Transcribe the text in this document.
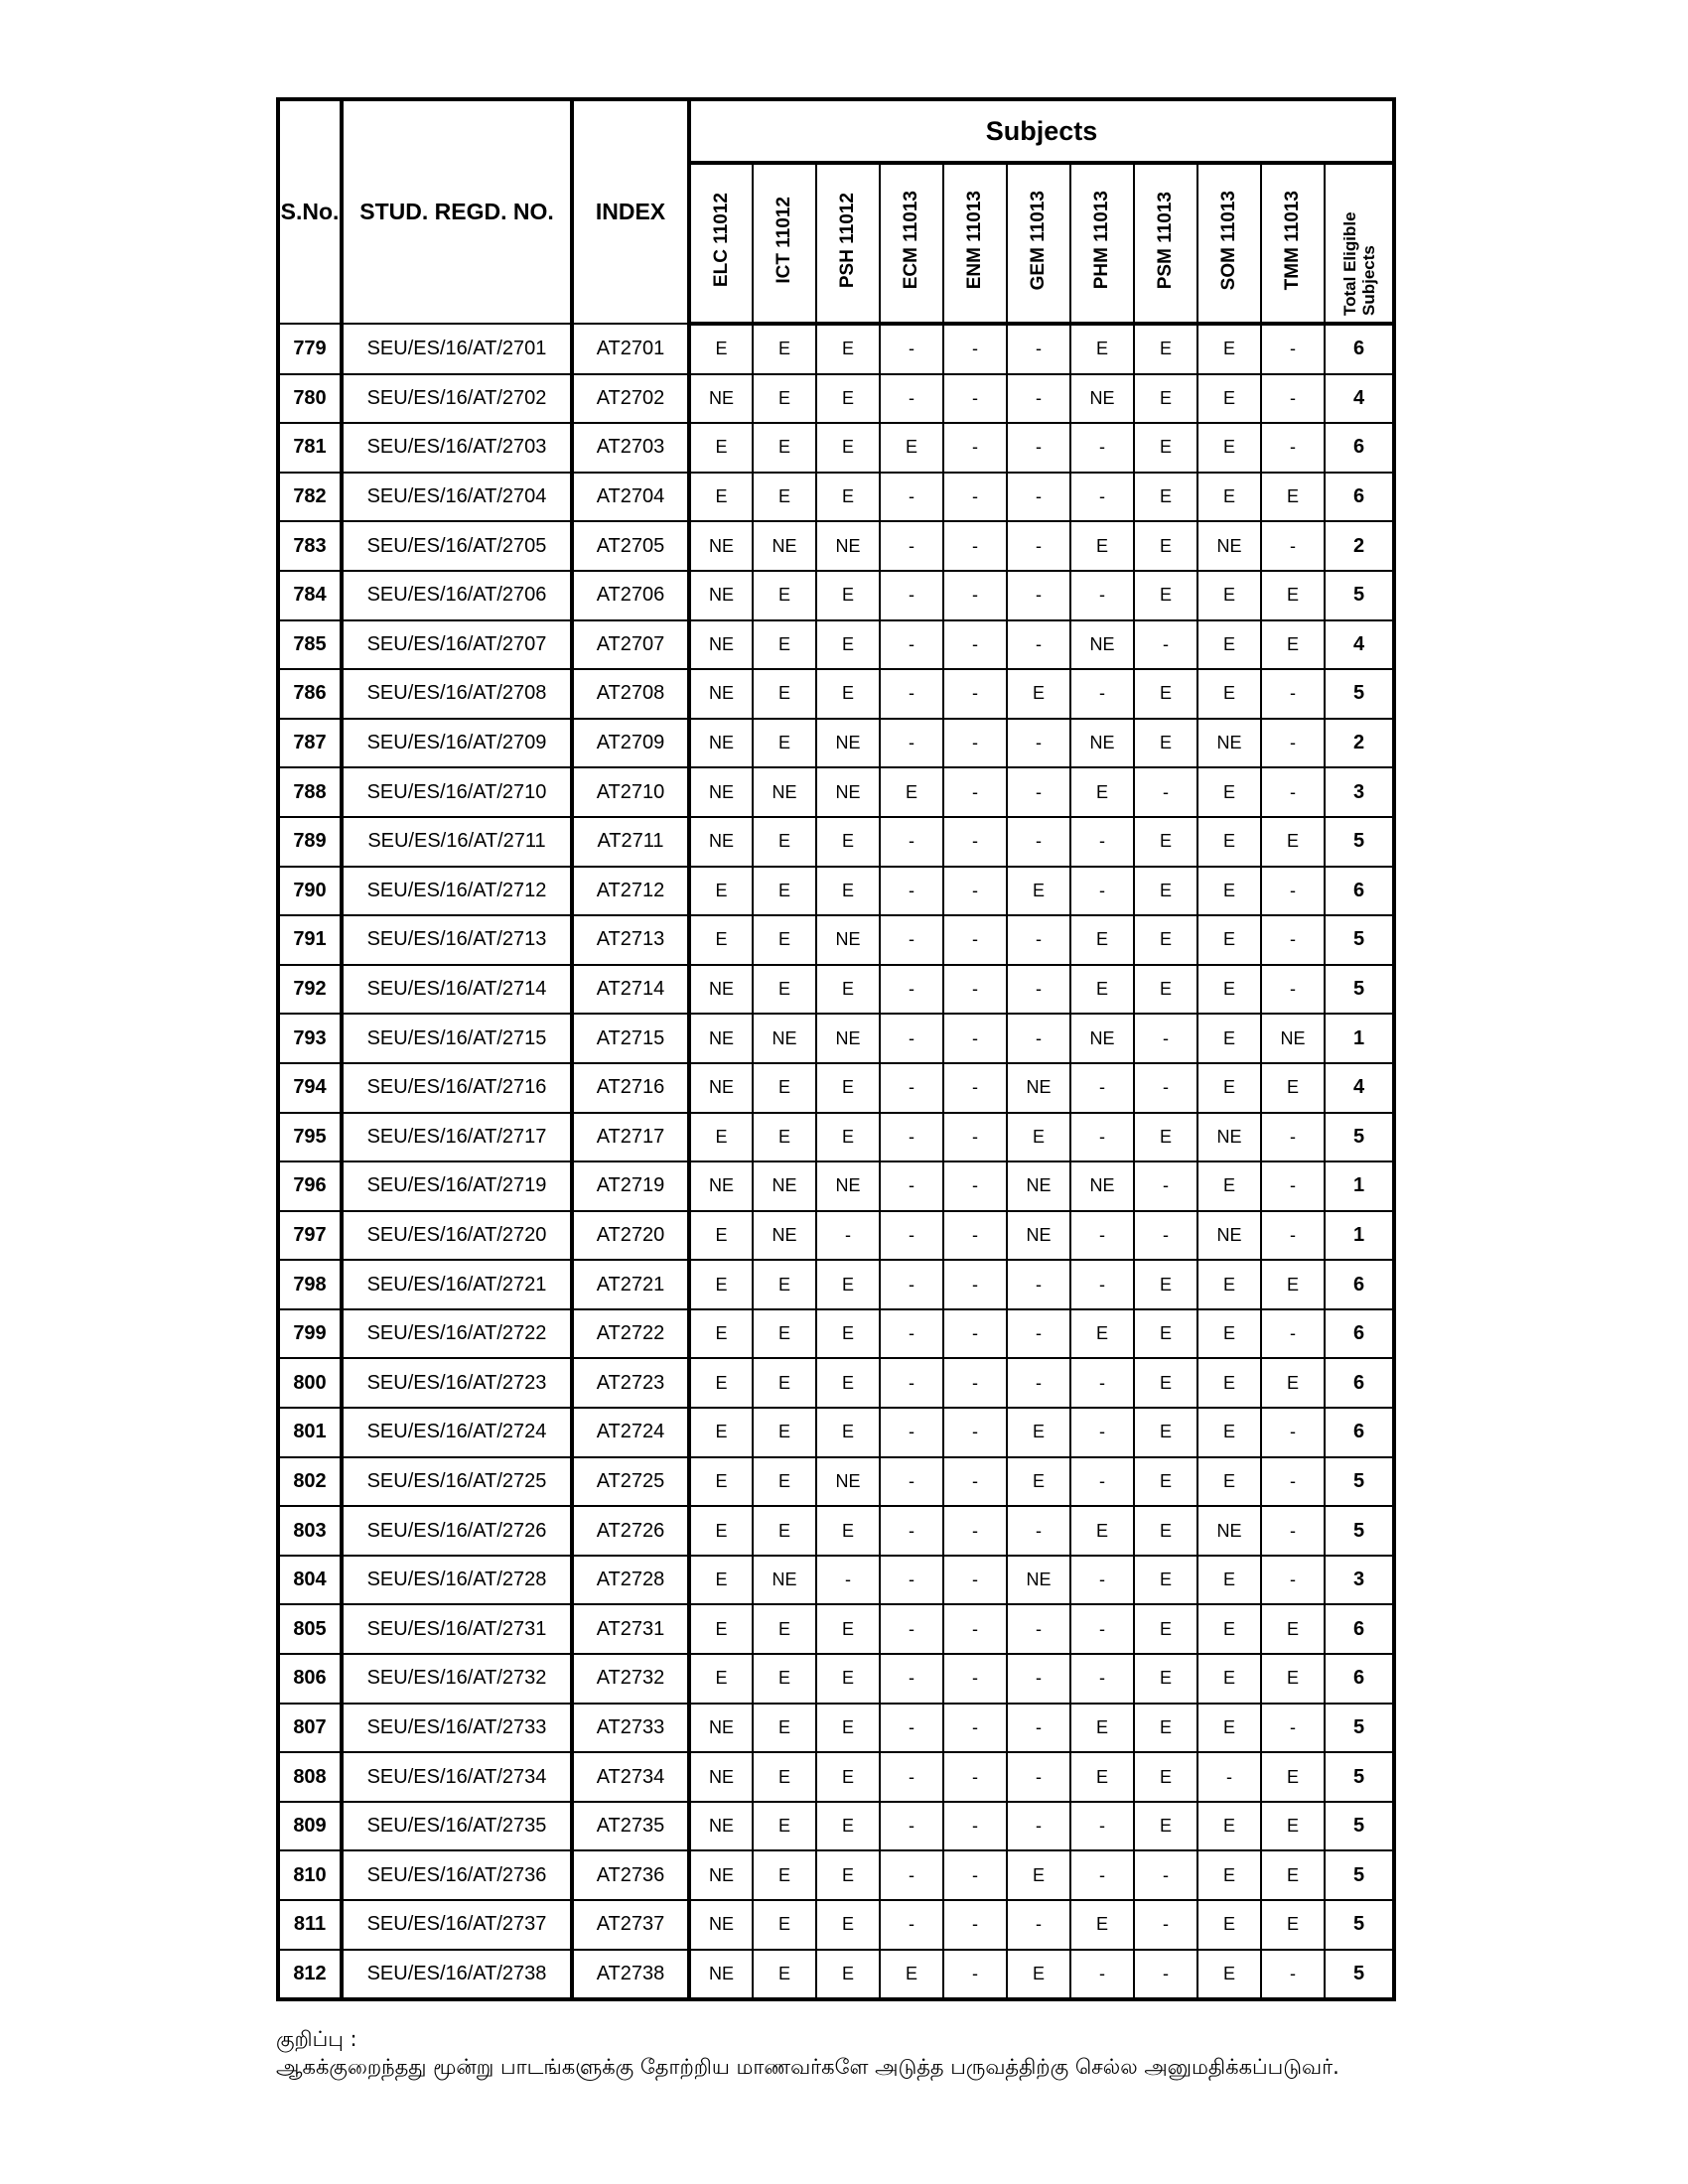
S.No.	STUD. REGD. NO.	INDEX	Subjects										
			ELC 11012	ICT 11012	PSH 11012	ECM 11013	ENM 11013	GEM 11013	PHM 11013	PSM 11013	SOM 11013	TMM 11013	Total Eligible Subjects
779	SEU/ES/16/AT/2701	AT2701	E	E	E	-	-	-	E	E	E	-	6
780	SEU/ES/16/AT/2702	AT2702	NE	E	E	-	-	-	NE	E	E	-	4
781	SEU/ES/16/AT/2703	AT2703	E	E	E	E	-	-	-	E	E	-	6
782	SEU/ES/16/AT/2704	AT2704	E	E	E	-	-	-	-	E	E	E	6
783	SEU/ES/16/AT/2705	AT2705	NE	NE	NE	-	-	-	E	E	NE	-	2
784	SEU/ES/16/AT/2706	AT2706	NE	E	E	-	-	-	-	E	E	E	5
785	SEU/ES/16/AT/2707	AT2707	NE	E	E	-	-	-	NE	-	E	E	4
786	SEU/ES/16/AT/2708	AT2708	NE	E	E	-	-	E	-	E	E	-	5
787	SEU/ES/16/AT/2709	AT2709	NE	E	NE	-	-	-	NE	E	NE	-	2
788	SEU/ES/16/AT/2710	AT2710	NE	NE	NE	E	-	-	E	-	E	-	3
789	SEU/ES/16/AT/2711	AT2711	NE	E	E	-	-	-	-	E	E	E	5
790	SEU/ES/16/AT/2712	AT2712	E	E	E	-	-	E	-	E	E	-	6
791	SEU/ES/16/AT/2713	AT2713	E	E	NE	-	-	-	E	E	E	-	5
792	SEU/ES/16/AT/2714	AT2714	NE	E	E	-	-	-	E	E	E	-	5
793	SEU/ES/16/AT/2715	AT2715	NE	NE	NE	-	-	-	NE	-	E	NE	1
794	SEU/ES/16/AT/2716	AT2716	NE	E	E	-	-	NE	-	-	E	E	4
795	SEU/ES/16/AT/2717	AT2717	E	E	E	-	-	E	-	E	NE	-	5
796	SEU/ES/16/AT/2719	AT2719	NE	NE	NE	-	-	NE	NE	-	E	-	1
797	SEU/ES/16/AT/2720	AT2720	E	NE	-	-	-	NE	-	-	NE	-	1
798	SEU/ES/16/AT/2721	AT2721	E	E	E	-	-	-	-	E	E	E	6
799	SEU/ES/16/AT/2722	AT2722	E	E	E	-	-	-	E	E	E	-	6
800	SEU/ES/16/AT/2723	AT2723	E	E	E	-	-	-	-	E	E	E	6
801	SEU/ES/16/AT/2724	AT2724	E	E	E	-	-	E	-	E	E	-	6
802	SEU/ES/16/AT/2725	AT2725	E	E	NE	-	-	E	-	E	E	-	5
803	SEU/ES/16/AT/2726	AT2726	E	E	E	-	-	-	E	E	NE	-	5
804	SEU/ES/16/AT/2728	AT2728	E	NE	-	-	-	NE	-	E	E	-	3
805	SEU/ES/16/AT/2731	AT2731	E	E	E	-	-	-	-	E	E	E	6
806	SEU/ES/16/AT/2732	AT2732	E	E	E	-	-	-	-	E	E	E	6
807	SEU/ES/16/AT/2733	AT2733	NE	E	E	-	-	-	E	E	E	-	5
808	SEU/ES/16/AT/2734	AT2734	NE	E	E	-	-	-	E	E	-	E	5
809	SEU/ES/16/AT/2735	AT2735	NE	E	E	-	-	-	-	E	E	E	5
810	SEU/ES/16/AT/2736	AT2736	NE	E	E	-	-	E	-	-	E	E	5
811	SEU/ES/16/AT/2737	AT2737	NE	E	E	-	-	-	E	-	E	E	5
812	SEU/ES/16/AT/2738	AT2738	NE	E	E	E	-	E	-	-	E	-	5
குறிப்பு :
ஆகக்குறைந்தது மூன்று பாடங்களுக்கு தோற்றிய மாணவர்களே அடுத்த பருவத்திற்கு செல்ல அனுமதிக்கப்படுவர்.
